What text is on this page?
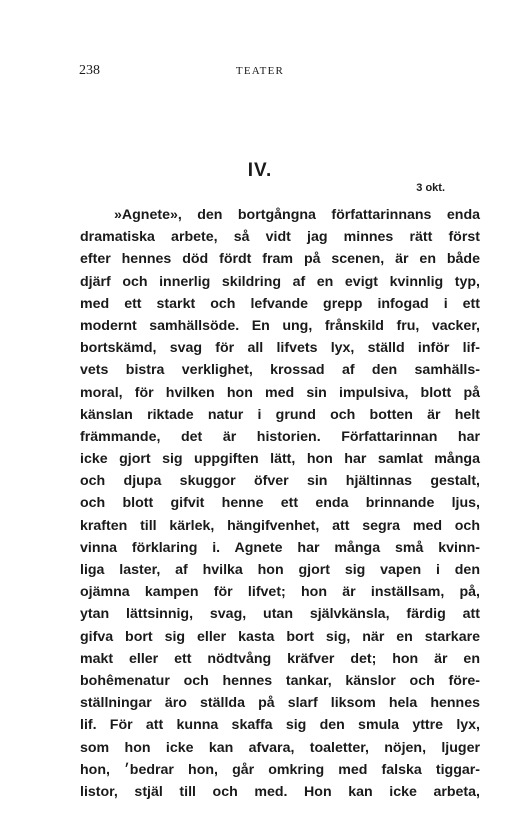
238	TEATER
IV.
3 okt.
»Agnete», den bortgångna författarinnans enda
dramatiska arbete, så vidt jag minnes rätt först
efter hennes död fördt fram på scenen, är en både
djärf och innerlig skildring af en evigt kvinnlig typ,
med ett starkt och lefvande grepp infogad i ett
modernt samhällsöde. En ung, frånskild fru, vacker,
bortskämd, svag för all lifvets lyx, ställd inför lif-
vets bistra verklighet, krossad af den samhälls-
moral, för hvilken hon med sin impulsiva, blott på
känslan riktade natur i grund och botten är helt
främmande, det är historien. Författarinnan har
icke gjort sig uppgiften lätt, hon har samlat många
och djupa skuggor öfver sin hjältinnas gestalt,
och blott gifvit henne ett enda brinnande ljus,
kraften till kärlek, hängifvenhet, att segra med och
vinna förklaring i. Agnete har många små kvinn-
liga laster, af hvilka hon gjort sig vapen i den
ojämna kampen för lifvet; hon är inställsam, på,
ytan lättsinnig, svag, utan självkänsla, färdig att
gifva bort sig eller kasta bort sig, när en starkare
makt eller ett nödtvång kräfver det; hon är en
bohêmenatur och hennes tankar, känslor och före-
ställningar äro ställda på slarf liksom hela hennes
lif. För att kunna skaffa sig den smula yttre lyx,
som hon icke kan afvara, toaletter, nöjen, ljuger
hon, ׳bedrar hon, går omkring med falska tiggar-
listor, stjäl till och med. Hon kan icke arbeta,
